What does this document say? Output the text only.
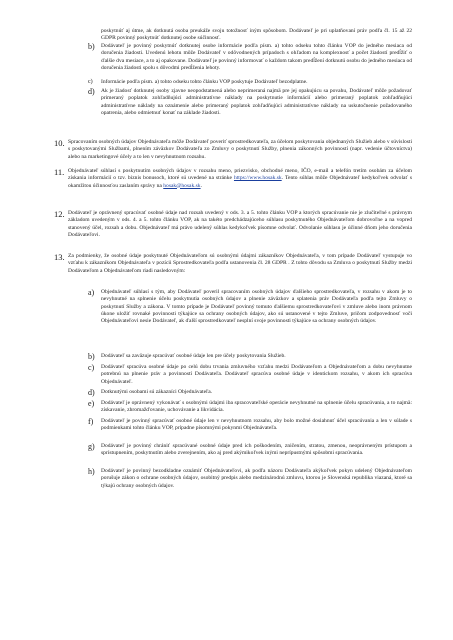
poskytnúť aj útme, ak dotknutá osoba preukáže svoju totožnosť iným spôsobom. Dodávateľ je pri uplatňovaní práv podľa čl. 15 až 22 GDPR povinný poskytnúť dotknutej osobe súčinnosť.
b) Dodávateľ je povinný poskytnúť dotknutej osobe informácie podľa písm. a) tohto odseku tohto článku VOP do jedného mesiaca od doručenia žiadosti. Uvedenú lehotu môže Dodávateľ v odôvodnených prípadoch s ohľadom na komplexnosť a počet žiadostí predĺžiť o ďalšie dva mesiace, a to aj opakovane. Dodávateľ je povinný informovať o každom takom predĺžení dotknutú osobu do jedného mesiaca od doručenia žiadosti spolu s dôvodmi predĺženia lehoty.
c) Informácie podľa písm. a) tohto odseku tohto článku VOP poskytuje Dodávateľ bezodplatne.
d) Ak je žiadosť dotknutej osoby zjavne neopodstatnená alebo neprimeraná najmä pre jej opakujúcu sa povahu, Dodávateľ môže požadovať primeraný poplatok zohľadňujúci administratívne náklady na poskytnutie informácií alebo primeraný poplatok zohľadňujúci administratívne náklady na oznámenie alebo primeraný poplatok zohľadňujúci administratívne náklady na uskutočnenie požadovaného opatrenia, alebo odmietnuť konať na základe žiadosti.
10. Spracovaním osobných údajov Objednávateľa môže Dodávateľ poveriť sprostredkovateľa, za účelom poskytovania objednaných Služieb alebo v súvislosti s poskytovanými Službami, plnením záväzkov Dodávateľa zo Zmluvy o poskytnutí Služby, plnenia zákonných povinností (napr. vedenie účtovníctva) alebo na marketingové účely a to len v nevyhnutnom rozsahu.
11. Objednávateľ súhlasí s poskytnutím osobných údajov v rozsahu meno, priezvisko, obchodné meno, IČO, e-mail a telefón tretím osobám za účelom získania informácií o tzv. biznis bonusoch, ktoré sú uvedené na stránke https://www.hosak.sk. Tento súhlas môže Objednávateľ kedykoľvek odvolať s okamžitou účinnosťou zaslaním správy na hosak@hosak.sk.
12. Dodávateľ je oprávnený spracúvať osobné údaje nad rozsah uvedený v ods. 3. a 5. tohto článku VOP a ktorých spracúvanie nie je zlučiteľné s právnym základom uvedeným v ods. 4. a 5. tohto článku VOP, ak na takéto predchádzajúceho súhlasu poskytnutého Objednávateľom dobrovoľne a na vopred stanovený účel, rozsah a dobu. Objednávateľ má právo udelený súhlas kedykoľvek písomne odvolať. Odvolanie súhlasu je účinné dňom jeho doručenia Dodávateľovi.
13. Za podmienky, že osobné údaje poskytnuté Objednávateľom sú osobnými údajmi zákazníkov Objednávateľa, v tom prípade Dodávateľ vystupuje vo vzťahu k zákazníkom Objednávateľa v pozícii Sprostredkovateľa podľa ustanovenia čl. 28 GDPR . Z tohto dôvodu sa Zmluva o poskytnutí Služby medzi Dodávateľom a Objednávateľom riadi nasledovným:
a) Objednávateľ súhlasí s tým, aby Dodávateľ poveril spracovaním osobných údajov ďalšieho sprostredkovateľa, v rozsahu v akom je to nevyhnutné na splnenie účelu poskytnutia osobných údajov a plnenie záväzkov a splatenia práv Dodávateľa podľa tejto Zmluvy o poskytnutí Služby a zákona. V tomto prípade je Dodávateľ povinný tomuto ďalšiemu sprostredkovateľovi v zmluve alebo inom právnom úkone uložiť rovnaké povinnosti týkajúce sa ochrany osobných údajov, ako sú ustanovené v tejto Zmluve, pričom zodpovednosť voči Objednávateľovi nesie Dodávateľ, ak ďalší sprostredkovateľ nesplní svoje povinnosti týkajúce sa ochrany osobných údajov.
b) Dodávateľ sa zaväzuje spracúvať osobné údaje len pre účely poskytovania Služieb.
c) Dodávateľ spracúva osobné údaje po celú dobu trvania zmluvného vzťahu medzi Dodávateľom a Objednávateľom a dobu nevyhnutne potrebnú na plnenie práv a povinností Dodávateľa. Dodávateľ spracúva osobné údaje v identickom rozsahu, v akom ich spracúva Objednávateľ.
d) Dotknutými osobami sú zákazníci Objednávateľa.
e) Dodávateľ je oprávnený vykonávať s osobnými údajmi iba spracovateľské operácie nevyhnutné na splnenie účelu spracúvania, a to najmä: získavanie, zhromažďovanie, uchovávanie a likvidácia.
f) Dodávateľ je povinný spracúvať osobné údaje len v nevyhnutnom rozsahu, aby bolo možné dosiahnuť účel spracúvania a len v súlade s podmienkami tohto článku VOP, prípadne písomnými pokynmi Objednávateľa.
g) Dodávateľ je povinný chrániť spracúvané osobné údaje pred ich poškodením, zničením, stratou, zmenou, neoprávneným prístupom a sprístupnením, poskytnutím alebo zverejnením, ako aj pred akýmikoľvek inými neprípustnými spôsobmi spracúvania.
h) Dodávateľ je povinný bezodkladne oznámiť Objednávateľovi, ak podľa názoru Dodávateľa akýkoľvek pokyn udelený Objednávateľom porušuje zákon o ochrane osobných údajov, osobitný predpis alebo medzinárodnú zmluvu, ktorou je Slovenská republika viazaná, ktoré sa týkajú ochrany osobných údajov.
